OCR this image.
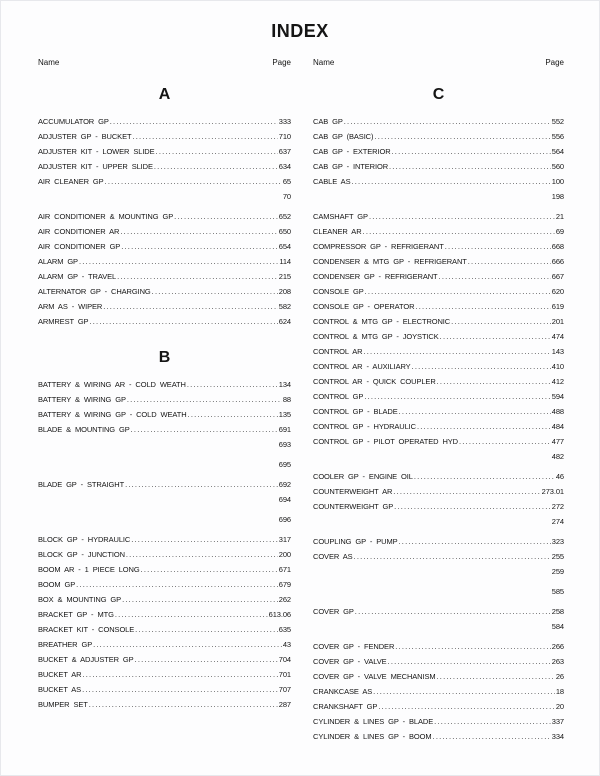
INDEX
Name	Page
A
ACCUMULATOR GP .....	333
ADJUSTER GP - BUCKET .....	710
ADJUSTER KIT - LOWER SLIDE .....	637
ADJUSTER KIT - UPPER SLIDE .....	634
AIR CLEANER GP .....	65
70
AIR CONDITIONER & MOUNTING GP .....	652
AIR CONDITIONER AR .....	650
AIR CONDITIONER GP .....	654
ALARM GP .....	114
ALARM GP - TRAVEL .....	215
ALTERNATOR GP - CHARGING .....	208
ARM AS - WIPER .....	582
ARMREST GP .....	624
B
BATTERY & WIRING AR - COLD WEATH .....	134
BATTERY & WIRING GP .....	88
BATTERY & WIRING GP - COLD WEATH .....	135
BLADE & MOUNTING GP .....	691
693
695
BLADE GP - STRAIGHT .....	692
694
696
BLOCK GP - HYDRAULIC .....	317
BLOCK GP - JUNCTION .....	200
BOOM AR - 1 PIECE LONG .....	671
BOOM GP .....	679
BOX & MOUNTING GP .....	262
BRACKET GP - MTG .....	613.06
BRACKET KIT - CONSOLE .....	635
BREATHER GP .....	43
BUCKET & ADJUSTER GP .....	704
BUCKET AR .....	701
BUCKET AS .....	707
BUMPER SET .....	287
Name	Page
C
CAB GP .....	552
CAB GP (BASIC) .....	556
CAB GP - EXTERIOR .....	564
CAB GP - INTERIOR .....	560
CABLE AS .....	100
198
CAMSHAFT GP .....	21
CLEANER AR .....	69
COMPRESSOR GP - REFRIGERANT .....	668
CONDENSER & MTG GP - REFRIGERANT .....	666
CONDENSER GP - REFRIGERANT .....	667
CONSOLE GP .....	620
CONSOLE GP - OPERATOR .....	619
CONTROL & MTG GP - ELECTRONIC .....	201
CONTROL & MTG GP - JOYSTICK .....	474
CONTROL AR .....	143
CONTROL AR - AUXILIARY .....	410
CONTROL AR - QUICK COUPLER .....	412
CONTROL GP .....	594
CONTROL GP - BLADE .....	488
CONTROL GP - HYDRAULIC .....	484
CONTROL GP - PILOT OPERATED HYD .....	477
482
COOLER GP - ENGINE OIL .....	46
COUNTERWEIGHT AR .....	273.01
COUNTERWEIGHT GP .....	272
274
COUPLING GP - PUMP .....	323
COVER AS .....	255
259
585
COVER GP .....	258
584
COVER GP - FENDER .....	266
COVER GP - VALVE .....	263
COVER GP - VALVE MECHANISM .....	26
CRANKCASE AS .....	18
CRANKSHAFT GP .....	20
CYLINDER & LINES GP - BLADE .....	337
CYLINDER & LINES GP - BOOM .....	334
